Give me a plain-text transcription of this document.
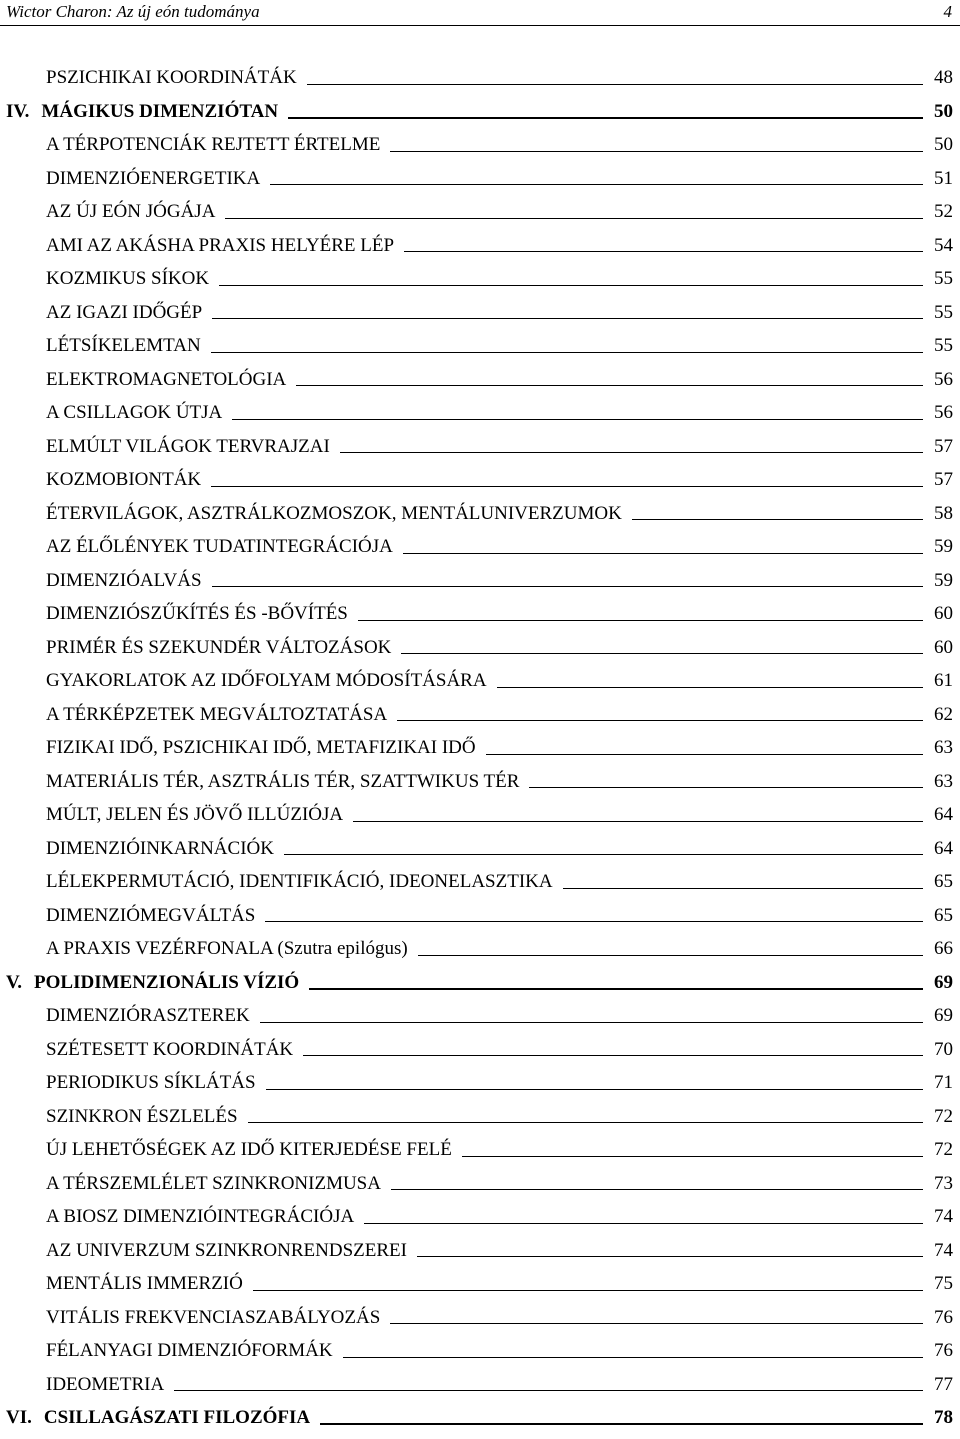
Wictor Charon: Az új eón tudománya	4
PSZICHIKAI KOORDINÁTÁK	48
IV. MÁGIKUS DIMENZIÓTAN	50
A TÉRPOTENCIÁK REJTETT ÉRTELME	50
DIMENZIÓENERGETIKA	51
AZ ÚJ EÓN JÓGÁJA	52
AMI AZ AKÁSHA PRAXIS HELYÉRE LÉP	54
KOZMIKUS SÍKOK	55
AZ IGAZI IDŐGÉP	55
LÉTSÍKELEMTAN	55
ELEKTROMAGNETOLÓGIA	56
A CSILLAGOK ÚTJA	56
ELMÚLT VILÁGOK TERVRAJZAI	57
KOZMOBIONTÁK	57
ÉTERVILÁGOK, ASZTRÁLKOZMOSZOK, MENTÁLUNIVERZUMOK	58
AZ ÉLŐLÉNYEK TUDATINTEGRÁCIÓJA	59
DIMENZIÓALVÁS	59
DIMENZIÓSZŰKÍTÉS ÉS -BŐVÍTÉS	60
PRIMÉR ÉS SZEKUNDÉR VÁLTOZÁSOK	60
GYAKORLATOK AZ IDŐFOLYAM MÓDOSÍTÁSÁRA	61
A TÉRKÉPZETEK MEGVÁLTOZTATÁSA	62
FIZIKAI IDŐ, PSZICHIKAI IDŐ, METAFIZIKAI IDŐ	63
MATERIÁLIS TÉR, ASZTRÁLIS TÉR, SZATTWIKUS TÉR	63
MÚLT, JELEN ÉS JÖVŐ ILLÚZIÓJA	64
DIMENZIÓINKARNÁCIÓK	64
LÉLEKPERMUTÁCIÓ, IDENTIFIKÁCIÓ, IDEONELASZTIKA	65
DIMENZIÓMEGVÁLTÁS	65
A PRAXIS VEZÉRFONALA (Szutra epilógus)	66
V. POLIDIMENZIONÁLIS VÍZIÓ	69
DIMENZIÓRASZTEREK	69
SZÉTESETT KOORDINÁTÁK	70
PERIODIKUS SÍKLÁTÁS	71
SZINKRON ÉSZLELÉS	72
ÚJ LEHETŐSÉGEK AZ IDŐ KITERJEDÉSE FELÉ	72
A TÉRSZEMLÉLET SZINKRONIZMUSA	73
A BIOSZ DIMENZIÓINTEGRÁCIÓJA	74
AZ UNIVERZUM SZINKRONRENDSZEREI	74
MENTÁLIS IMMERZIÓ	75
VITÁLIS FREKVENCIASZABÁLYOZÁS	76
FÉLANYAGI DIMENZIÓFORMÁK	76
IDEOMETRIA	77
VI. CSILLAGÁSZATI FILOZÓFIA	78
